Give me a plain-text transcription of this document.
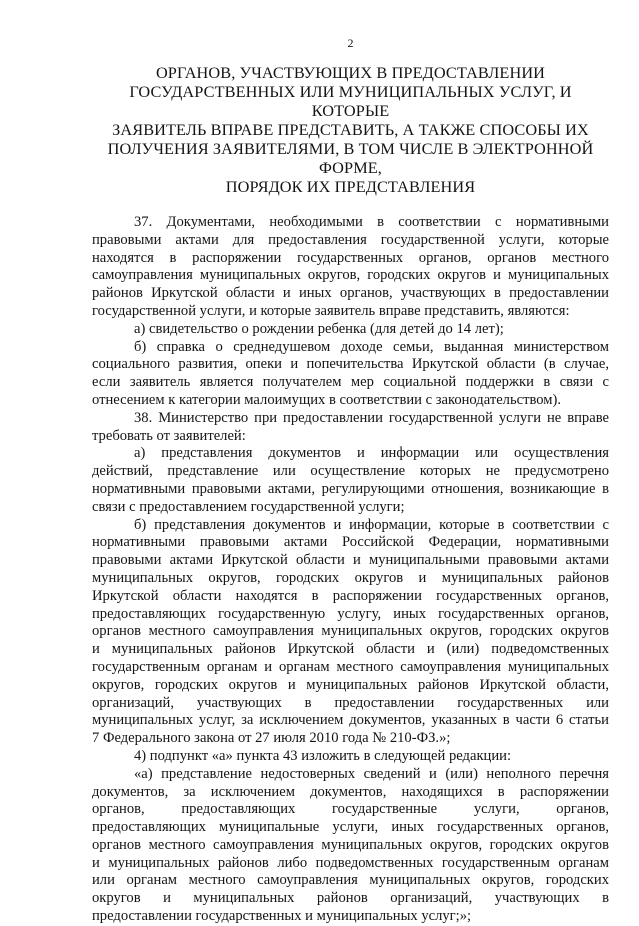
2
ОРГАНОВ, УЧАСТВУЮЩИХ В ПРЕДОСТАВЛЕНИИ
ГОСУДАРСТВЕННЫХ ИЛИ МУНИЦИПАЛЬНЫХ УСЛУГ, И КОТОРЫЕ
ЗАЯВИТЕЛЬ ВПРАВЕ ПРЕДСТАВИТЬ, А ТАКЖЕ СПОСОБЫ ИХ
ПОЛУЧЕНИЯ ЗАЯВИТЕЛЯМИ, В ТОМ ЧИСЛЕ В ЭЛЕКТРОННОЙ ФОРМЕ,
ПОРЯДОК ИХ ПРЕДСТАВЛЕНИЯ

37. Документами, необходимыми в соответствии с нормативными
правовыми актами для предоставления государственной услуги, которые
находятся в распоряжении государственных органов, органов местного
самоуправления муниципальных округов, городских округов и муниципальных
районов Иркутской области и иных органов, участвующих в предоставлении
государственной услуги, и которые заявитель вправе представить, являются:

а) свидетельство о рождении ребенка (для детей до 14 лет);

б) справка о среднедушевом доходе семьи, выданная министерством
социального развития, опеки и попечительства Иркутской области (в случае,
если заявитель является получателем мер социальной поддержки в связи с
отнесением к категории малоимущих в соответствии с законодательством).

38. Министерство при предоставлении государственной услуги не вправе
требовать от заявителей:

а) представления документов и информации или осуществления
действий, представление или осуществление которых не предусмотрено
нормативными правовыми актами, регулирующими отношения, возникающие в
связи с предоставлением государственной услуги;

б) представления документов и информации, которые в соответствии с
нормативными правовыми актами Российской Федерации, нормативными
правовыми актами Иркутской области и муниципальными правовыми актами
муниципальных округов, городских округов и муниципальных районов
Иркутской области находятся в распоряжении государственных органов,
предоставляющих государственную услугу, иных государственных органов,
органов местного самоуправления муниципальных округов, городских округов
и муниципальных районов Иркутской области и (или) подведомственных
государственным органам и органам местного самоуправления муниципальных
округов, городских округов и муниципальных районов Иркутской области,
организаций, участвующих в предоставлении государственных или
муниципальных услуг, за исключением документов, указанных в части 6 статьи
7 Федерального закона от 27 июля 2010 года № 210-ФЗ.»;

4) подпункт «а» пункта 43 изложить в следующей редакции:

«а) представление недостоверных сведений и (или) неполного перечня
документов, за исключением документов, находящихся в распоряжении
органов, предоставляющих государственные услуги, органов,
предоставляющих муниципальные услуги, иных государственных органов,
органов местного самоуправления муниципальных округов, городских округов
и муниципальных районов либо подведомственных государственным органам
или органам местного самоуправления муниципальных округов, городских
округов и муниципальных районов организаций, участвующих в
предоставлении государственных и муниципальных услуг;»;
